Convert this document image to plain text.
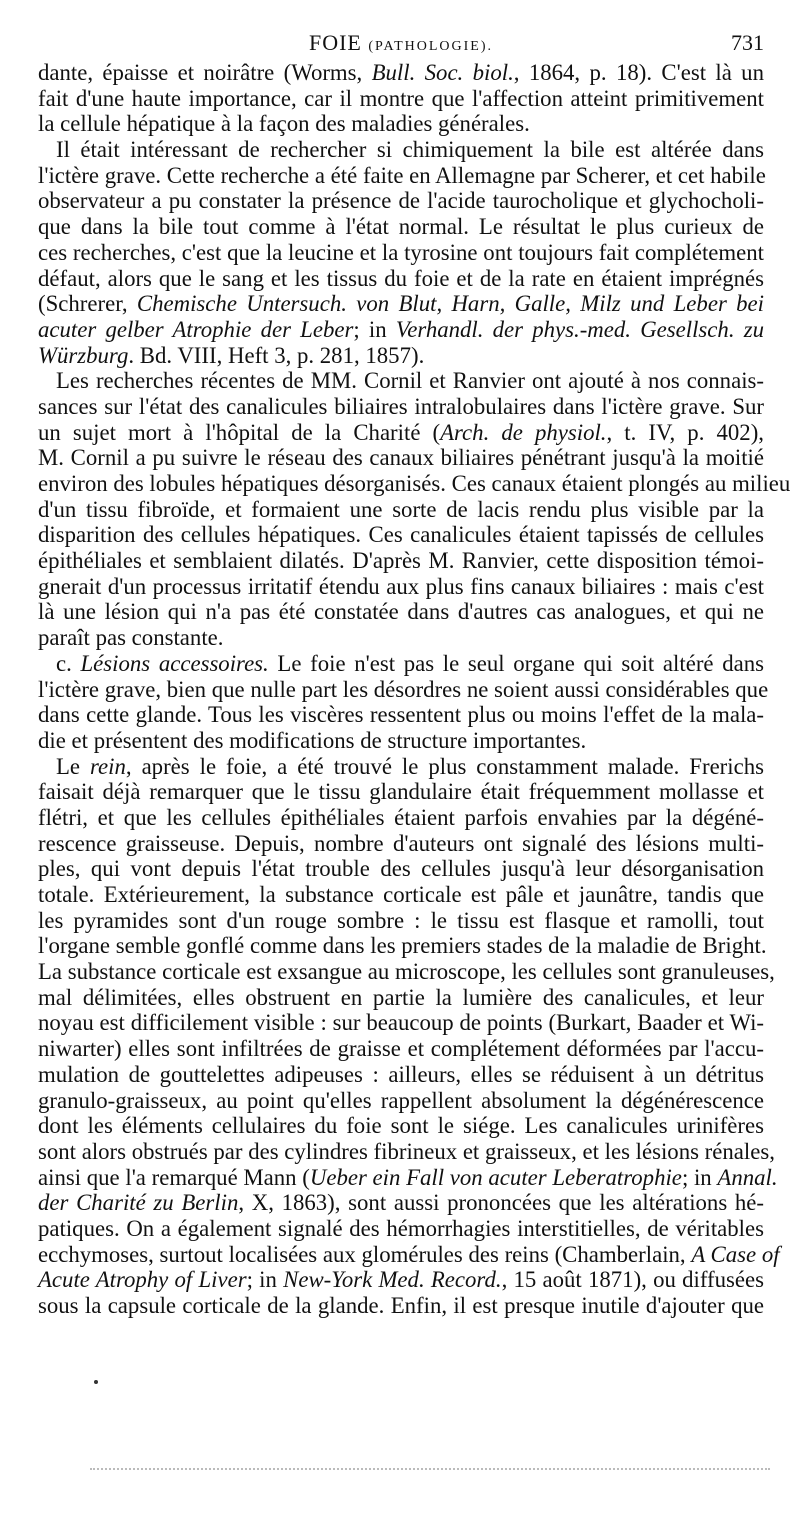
FOIE (PATHOLOGIE).	731
dante, épaisse et noirâtre (Worms, Bull. Soc. biol., 1864, p. 18). C'est là un
fait d'une haute importance, car il montre que l'affection atteint primitivement
la cellule hépatique à la façon des maladies générales.
Il était intéressant de rechercher si chimiquement la bile est altérée dans
l'ictère grave. Cette recherche a été faite en Allemagne par Scherer, et cet habile
observateur a pu constater la présence de l'acide taurocholique et glychocholi-
que dans la bile tout comme à l'état normal. Le résultat le plus curieux de
ces recherches, c'est que la leucine et la tyrosine ont toujours fait complétement
défaut, alors que le sang et les tissus du foie et de la rate en étaient imprégnés
(Schrerer, Chemische Untersuch. von Blut, Harn, Galle, Milz und Leber bei
acuter gelber Atrophie der Leber; in Verhandl. der phys.-med. Gesellsch. zu
Würzburg. Bd. VIII, Heft 3, p. 281, 1857).
Les recherches récentes de MM. Cornil et Ranvier ont ajouté à nos connais-
sances sur l'état des canalicules biliaires intralobulaires dans l'ictère grave. Sur
un sujet mort à l'hôpital de la Charité (Arch. de physiol., t. IV, p. 402),
M. Cornil a pu suivre le réseau des canaux biliaires pénétrant jusqu'à la moitié
environ des lobules hépatiques désorganisés. Ces canaux étaient plongés au milieu
d'un tissu fibroïde, et formaient une sorte de lacis rendu plus visible par la
disparition des cellules hépatiques. Ces canalicules étaient tapissés de cellules
épithéliales et semblaient dilatés. D'après M. Ranvier, cette disposition témoi-
gnerait d'un processus irritatif étendu aux plus fins canaux biliaires : mais c'est
là une lésion qui n'a pas été constatée dans d'autres cas analogues, et qui ne
paraît pas constante.
c. Lésions accessoires. Le foie n'est pas le seul organe qui soit altéré dans
l'ictère grave, bien que nulle part les désordres ne soient aussi considérables que
dans cette glande. Tous les viscères ressentent plus ou moins l'effet de la mala-
die et présentent des modifications de structure importantes.
Le rein, après le foie, a été trouvé le plus constamment malade. Frerichs
faisait déjà remarquer que le tissu glandulaire était fréquemment mollasse et
flétri, et que les cellules épithéliales étaient parfois envahies par la dégéné-
rescence graisseuse. Depuis, nombre d'auteurs ont signalé des lésions multi-
ples, qui vont depuis l'état trouble des cellules jusqu'à leur désorganisation
totale. Extérieurement, la substance corticale est pâle et jaunâtre, tandis que
les pyramides sont d'un rouge sombre : le tissu est flasque et ramolli, tout
l'organe semble gonflé comme dans les premiers stades de la maladie de Bright.
La substance corticale est exsangue au microscope, les cellules sont granuleuses,
mal délimitées, elles obstruent en partie la lumière des canalicules, et leur
noyau est difficilement visible : sur beaucoup de points (Burkart, Baader et Wi-
niwarter) elles sont infiltrées de graisse et complétement déformées par l'accu-
mulation de gouttelettes adipeuses : ailleurs, elles se réduisent à un détritus
granulo-graisseux, au point qu'elles rappellent absolument la dégénérescence
dont les éléments cellulaires du foie sont le siége. Les canalicules urinifères
sont alors obstrués par des cylindres fibrineux et graisseux, et les lésions rénales,
ainsi que l'a remarqué Mann (Ueber ein Fall von acuter Leberatrophie; in Annal.
der Charité zu Berlin, X, 1863), sont aussi prononcées que les altérations hé-
patiques. On a également signalé des hémorrhagies interstitielles, de véritables
ecchymoses, surtout localisées aux glomérules des reins (Chamberlain, A Case of
Acute Atrophy of Liver; in New-York Med. Record., 15 août 1871), ou diffusées
sous la capsule corticale de la glande. Enfin, il est presque inutile d'ajouter que
